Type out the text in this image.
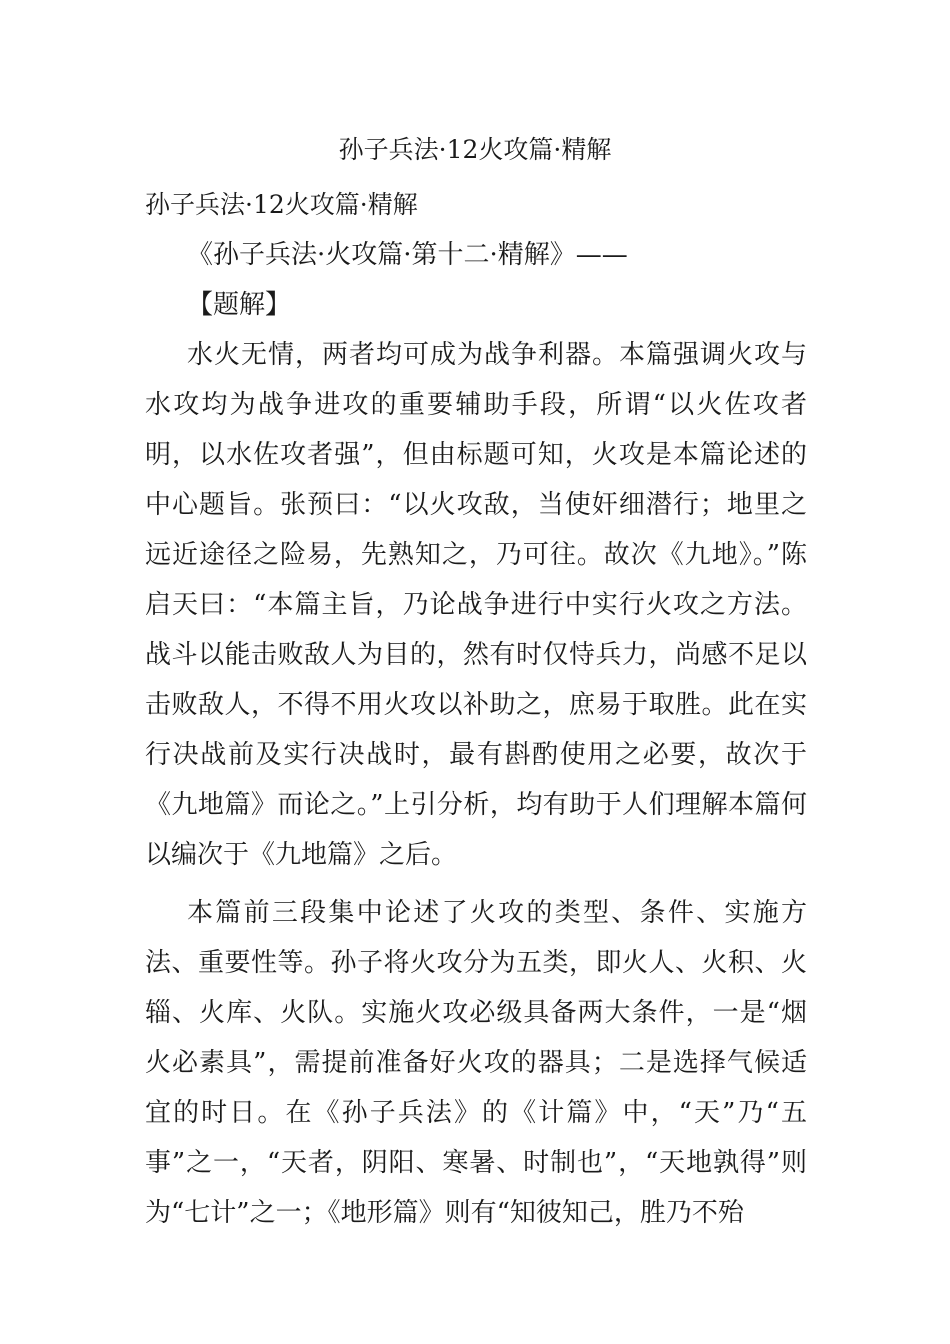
孙子兵法·12火攻篇·精解

孙子兵法·12火攻篇·精解

《孙子兵法·火攻篇·第十二·精解》——

【题解】

水火无情，两者均可成为战争利器。本篇强调火攻与水攻均为战争进攻的重要辅助手段，所谓“以火佐攻者明，以水佐攻者强”，但由标题可知，火攻是本篇论述的中心题旨。张预曰：“以火攻敌，当使奸细潜行；地里之远近途径之险易，先熟知之，乃可往。故次《九地》。”陈启天曰：“本篇主旨，乃论战争进行中实行火攻之方法。战斗以能击败敌人为目的，然有时仅恃兵力，尚感不足以击败敌人，不得不用火攻以补助之，庶易于取胜。此在实行决战前及实行决战时，最有斟酌使用之必要，故次于《九地篇》而论之。”上引分析，均有助于人们理解本篇何以编次于《九地篇》之后。

本篇前三段集中论述了火攻的类型、条件、实施方法、重要性等。孙子将火攻分为五类，即火人、火积、火辎、火库、火队。实施火攻必级具备两大条件，一是“烟火必素具”，需提前准备好火攻的器具；二是选择气候适宜的时日。在《孙子兵法》的《计篇》中，“天”乃“五事”之一，“天者，阴阳、寒暑、时制也”，“天地孰得”则为“七计”之一；《地形篇》则有“知彼知己，胜乃不殆
